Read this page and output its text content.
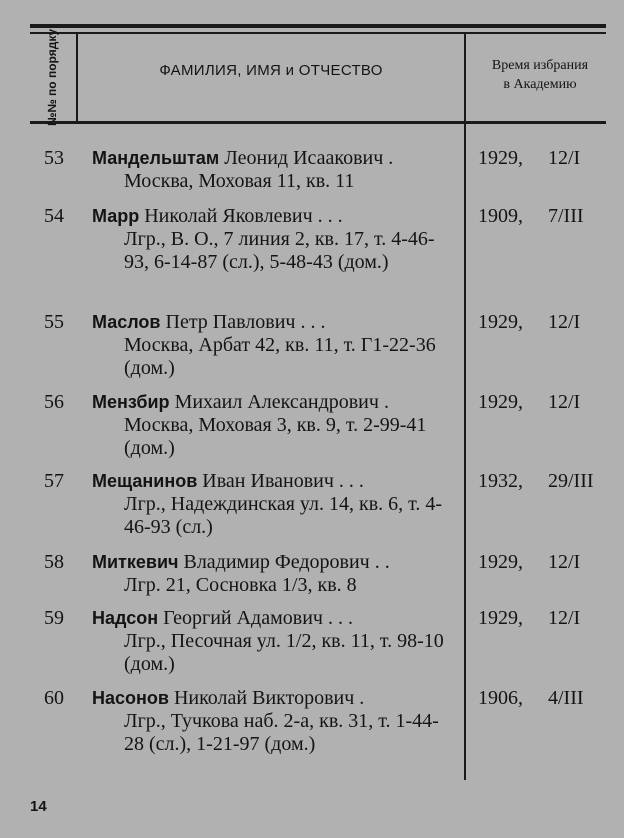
№№ по порядку	ФАМИЛИЯ, ИМЯ и ОТЧЕСТВО	Время избрания
в Академию
53 Мандельштам Леонид Исаакович .
Москва, Моховая 11, кв. 11
1929, 12/I
54 Марр Николай Яковлевич . . .
Лгр., В. О., 7 линия 2, кв. 17, т. 4-46-93, 6-14-87 (сл.), 5-48-43 (дом.)
1909, 7/III
55 Маслов Петр Павлович . . .
Москва, Арбат 42, кв. 11, т. Г1-22-36 (дом.)
1929, 12/I
56 Мензбир Михаил Александрович .
Москва, Моховая 3, кв. 9, т. 2-99-41 (дом.)
1929, 12/I
57 Мещанинов Иван Иванович . . .
Лгр., Надеждинская ул. 14, кв. 6, т. 4-46-93 (сл.)
1932, 29/III
58 Миткевич Владимир Федорович . .
Лгр. 21, Сосновка 1/3, кв. 8
1929, 12/I
59 Надсон Георгий Адамович . . .
Лгр., Песочная ул. 1/2, кв. 11, т. 98-10 (дом.)
1929, 12/I
60 Насонов Николай Викторович .
Лгр., Тучкова наб. 2-а, кв. 31, т. 1-44-28 (сл.), 1-21-97 (дом.)
1906, 4/III
14
